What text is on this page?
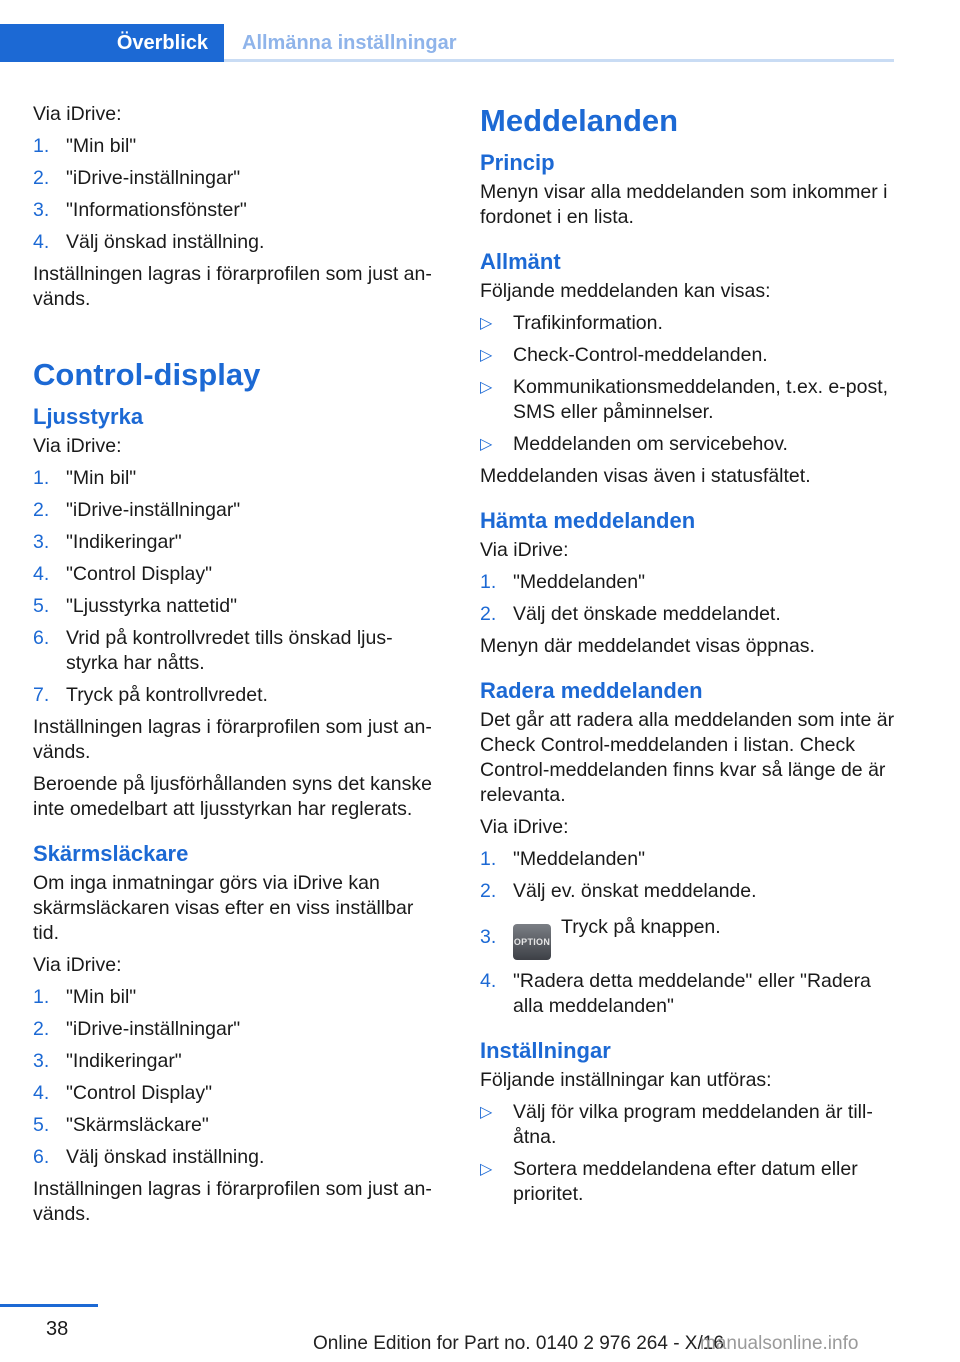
Överblick	Allmänna inställningar

Via iDrive:

1. "Min bil"
2. "iDrive-inställningar"
3. "Informationsfönster"
4. Välj önskad inställning.

Inställningen lagras i förarprofilen som just an‐vänds.

Control-display
Ljusstyrka

Via iDrive:

1. "Min bil"
2. "iDrive-inställningar"
3. "Indikeringar"
4. "Control Display"
5. "Ljusstyrka nattetid"
6. Vrid på kontrollvredet tills önskad ljus‐styrka har nåtts.
7. Tryck på kontrollvredet.

Inställningen lagras i förarprofilen som just an‐vänds.

Beroende på ljusförhållanden syns det kanske inte omedelbart att ljusstyrkan har reglerats.

Skärmsläckare

Om inga inmatningar görs via iDrive kan skärmsläckaren visas efter en viss inställbar tid.

Via iDrive:

1. "Min bil"
2. "iDrive-inställningar"
3. "Indikeringar"
4. "Control Display"
5. "Skärmsläckare"
6. Välj önskad inställning.

Inställningen lagras i förarprofilen som just an‐vänds.

Meddelanden
Princip

Menyn visar alla meddelanden som inkommer i fordonet i en lista.

Allmänt

Följande meddelanden kan visas:

▷ Trafikinformation.
▷ Check-Control-meddelanden.
▷ Kommunikationsmeddelanden, t.ex. e-post, SMS eller påminnelser.
▷ Meddelanden om servicebehov.

Meddelanden visas även i statusfältet.

Hämta meddelanden

Via iDrive:

1. "Meddelanden"
2. Välj det önskade meddelandet.

Menyn där meddelandet visas öppnas.

Radera meddelanden

Det går att radera alla meddelanden som inte är Check Control-meddelanden i listan. Check Control-meddelanden finns kvar så länge de är relevanta.

Via iDrive:

1. "Meddelanden"
2. Välj ev. önskat meddelande.
3. OPTIONTryck på knappen.
4. "Radera detta meddelande" eller "Radera alla meddelanden"
Inställningar

Följande inställningar kan utföras:

▷ Välj för vilka program meddelanden är till‐åtna.
▷ Sortera meddelandena efter datum eller prioritet.
38
Online Edition for Part no. 0140 2 976 264 - X/16
manualsonline.info
